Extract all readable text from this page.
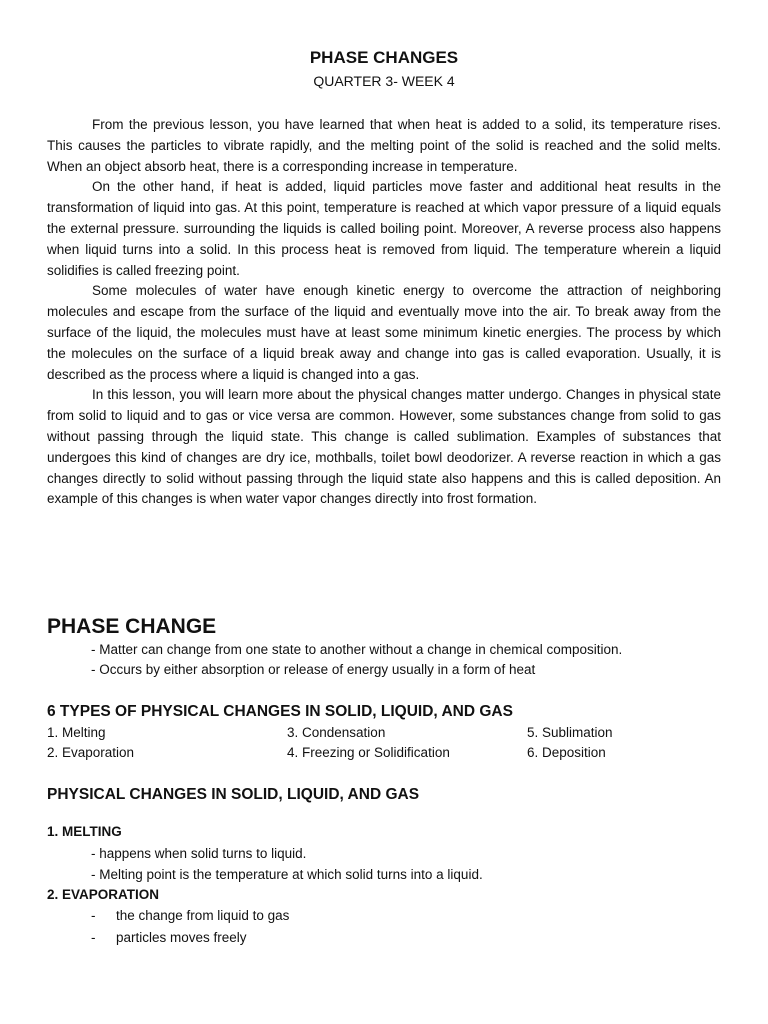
PHASE CHANGES
QUARTER 3- WEEK 4

From the previous lesson, you have learned that when heat is added to a solid, its temperature rises. This causes the particles to vibrate rapidly, and the melting point of the solid is reached and the solid melts. When an object absorb heat, there is a corresponding increase in temperature.

On the other hand, if heat is added, liquid particles move faster and additional heat results in the transformation of liquid into gas. At this point, temperature is reached at which vapor pressure of a liquid equals the external pressure. surrounding the liquids is called boiling point. Moreover, A reverse process also happens when liquid turns into a solid. In this process heat is removed from liquid. The temperature wherein a liquid solidifies is called freezing point.

Some molecules of water have enough kinetic energy to overcome the attraction of neighboring molecules and escape from the surface of the liquid and eventually move into the air. To break away from the surface of the liquid, the molecules must have at least some minimum kinetic energies. The process by which the molecules on the surface of a liquid break away and change into gas is called evaporation. Usually, it is described as the process where a liquid is changed into a gas.

In this lesson, you will learn more about the physical changes matter undergo. Changes in physical state from solid to liquid and to gas or vice versa are common. However, some substances change from solid to gas without passing through the liquid state. This change is called sublimation. Examples of substances that undergoes this kind of changes are dry ice, mothballs, toilet bowl deodorizer. A reverse reaction in which a gas changes directly to solid without passing through the liquid state also happens and this is called deposition. An example of this changes is when water vapor changes directly into frost formation.

PHASE CHANGE
- Matter can change from one state to another without a change in chemical composition.
- Occurs by either absorption or release of energy usually in a form of heat
6 TYPES OF PHYSICAL CHANGES IN SOLID, LIQUID, AND GAS
1. Melting
2. Evaporation
3. Condensation
4. Freezing or Solidification
5. Sublimation
6. Deposition
PHYSICAL CHANGES IN SOLID, LIQUID, AND GAS
1. MELTING
- happens when solid turns to liquid.
- Melting point is the temperature at which solid turns into a liquid.
2. EVAPORATION
- the change from liquid to gas
- particles moves freely
